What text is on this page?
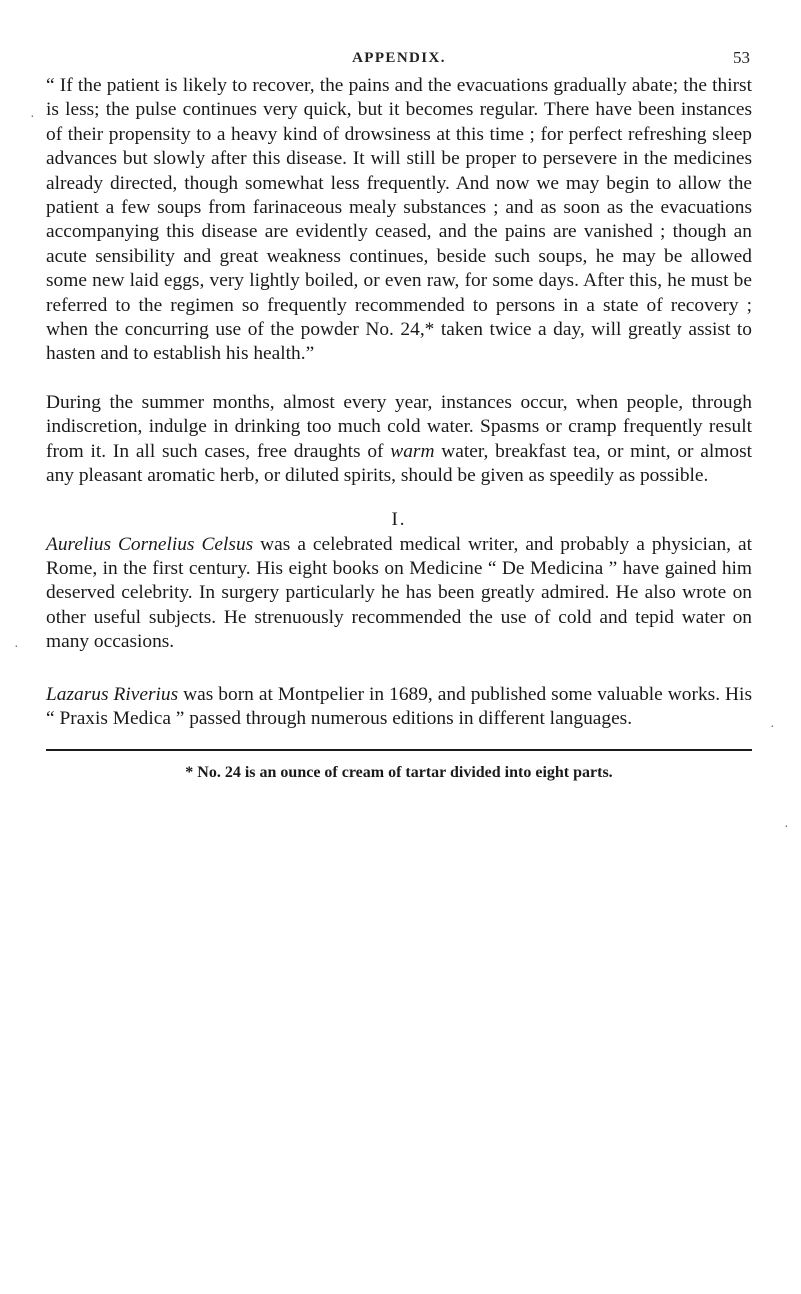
APPENDIX.	53

“ If the patient is likely to recover, the pains and the evacuations gradually abate; the thirst is less; the pulse continues very quick, but it becomes regular. There have been instances of their propensity to a heavy kind of drowsiness at this time ; for perfect refreshing sleep advances but slowly after this disease. It will still be proper to persevere in the medicines already directed, though somewhat less frequently. And now we may begin to allow the patient a few soups from farinaceous mealy substances ; and as soon as the evacuations accompanying this disease are evidently ceased, and the pains are vanished ; though an acute sensibility and great weakness continues, beside such soups, he may be allowed some new laid eggs, very lightly boiled, or even raw, for some days. After this, he must be referred to the regimen so frequently recommended to persons in a state of recovery ; when the concurring use of the powder No. 24,* taken twice a day, will greatly assist to hasten and to establish his health.”

During the summer months, almost every year, instances occur, when people, through indiscretion, indulge in drinking too much cold water. Spasms or cramp frequently result from it. In all such cases, free draughts of warm water, breakfast tea, or mint, or almost any pleasant aromatic herb, or diluted spirits, should be given as speedily as possible.

I.
Aurelius Cornelius Celsus was a celebrated medical writer, and probably a physician, at Rome, in the first century. His eight books on Medicine “ De Medicina ” have gained him deserved celebrity. In surgery particularly he has been greatly admired. He also wrote on other useful subjects. He strenuously recommended the use of cold and tepid water on many occasions.
Lazarus Riverius was born at Montpelier in 1689, and published some valuable works. His “ Praxis Medica ” passed through numerous editions in different languages.
* No. 24 is an ounce of cream of tartar divided into eight parts.
·
·
·
·
